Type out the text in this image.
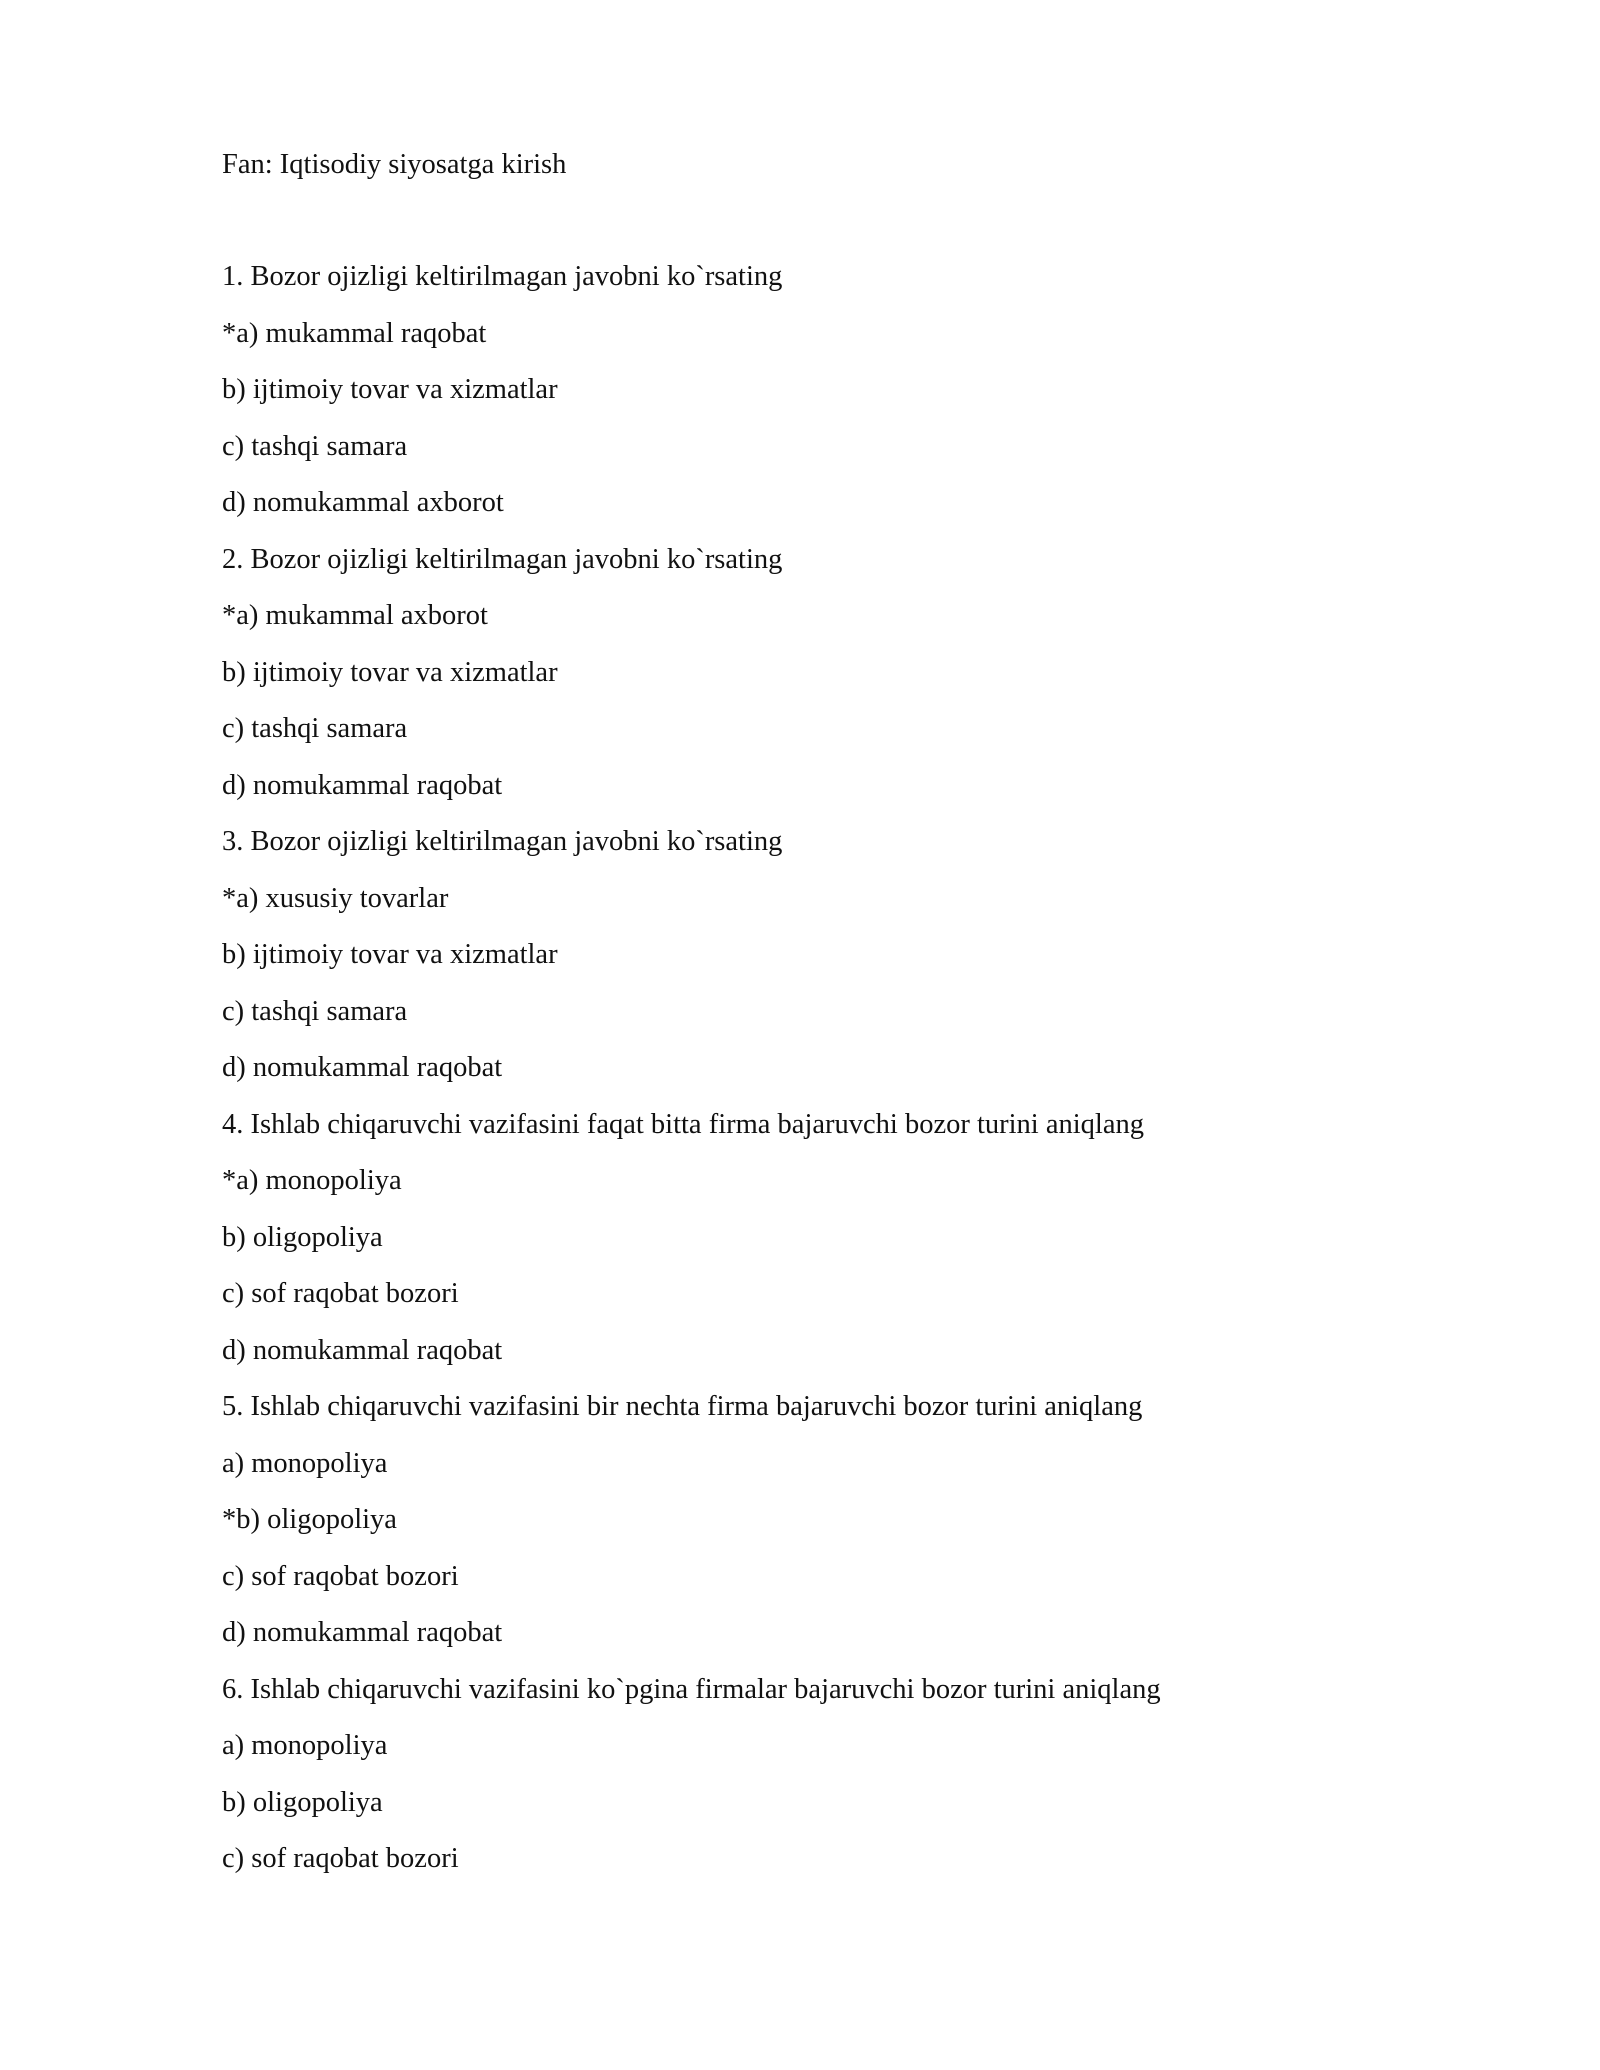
Fan: Iqtisodiy siyosatga kirish
1. Bozor ojizligi keltirilmagan javobni ko`rsating
*a) mukammal raqobat
b) ijtimoiy tovar va xizmatlar
c) tashqi samara
d) nomukammal axborot
2. Bozor ojizligi keltirilmagan javobni ko`rsating
*a) mukammal axborot
b) ijtimoiy tovar va xizmatlar
c) tashqi samara
d) nomukammal raqobat
3. Bozor ojizligi keltirilmagan javobni ko`rsating
*a) xususiy tovarlar
b) ijtimoiy tovar va xizmatlar
c) tashqi samara
d) nomukammal raqobat
4. Ishlab chiqaruvchi vazifasini faqat bitta firma bajaruvchi bozor turini aniqlang
*a) monopoliya
b) oligopoliya
c) sof raqobat bozori
d) nomukammal raqobat
5. Ishlab chiqaruvchi vazifasini bir nechta firma bajaruvchi bozor turini aniqlang
a) monopoliya
*b) oligopoliya
c) sof raqobat bozori
d) nomukammal raqobat
6. Ishlab chiqaruvchi vazifasini ko`pgina firmalar bajaruvchi bozor turini aniqlang
a) monopoliya
b) oligopoliya
c) sof raqobat bozori
